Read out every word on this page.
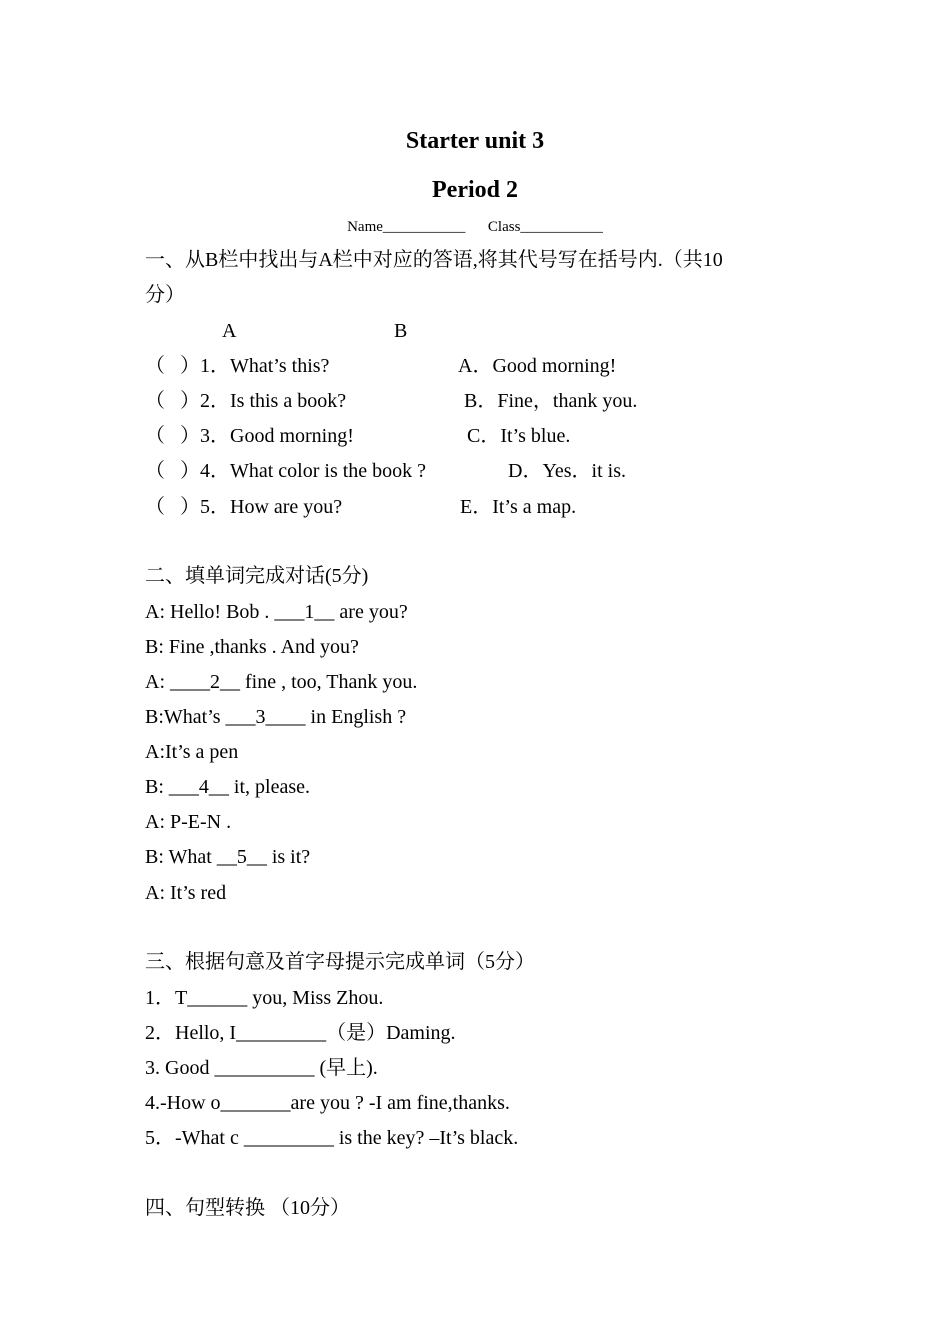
Starter unit 3
Period 2
Name___________ Class___________
一、从B栏中找出与A栏中对应的答语,将其代号写在括号内.（共10
分）
A	B
（   ）1．What’s this?	A．Good morning!
（   ）2．Is this a book?	B．Fine，thank you.
（   ）3．Good morning!	C．It’s blue.
（   ）4．What color is the book ?	D．Yes．it is.
（   ）5．How are you?	E．It’s a map.
二、填单词完成对话(5分)
A: Hello! Bob . ___1__ are you?
B: Fine ,thanks . And you?
A: ____2__ fine , too, Thank you.
B:What’s ___3____ in English ?
A:It’s a pen
B: ___4__ it, please.
A: P-E-N .
B: What __5__ is it?
A: It’s red
三、根据句意及首字母提示完成单词（5分）
1．T______ you, Miss Zhou.
2．Hello, I_________（是）Daming.
3. Good __________ (早上).
4.-How o_______are you ? -I am fine,thanks.
5．-What c _________ is the key? –It’s black.
四、句型转换 （10分）
